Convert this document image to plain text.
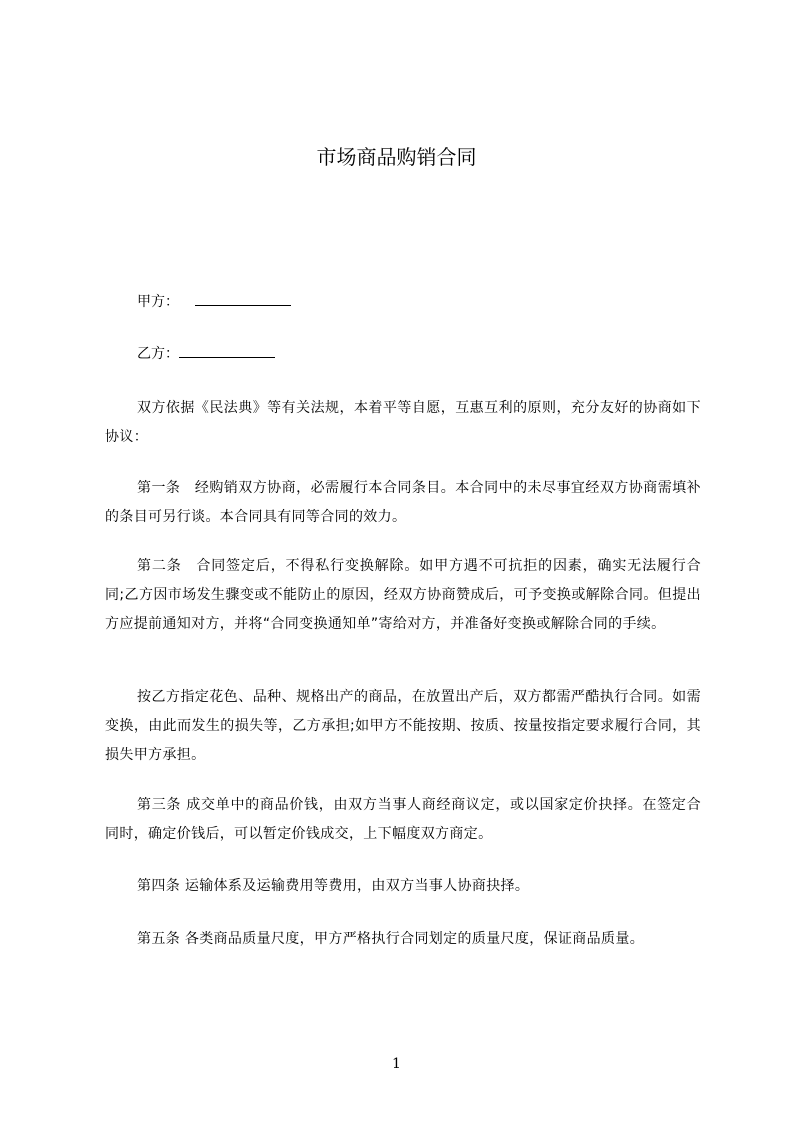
市场商品购销合同
甲方：
乙方：
双方依据《民法典》等有关法规，本着平等自愿，互惠互利的原则，充分友好的协商如下协议：
第一条　经购销双方协商，必需履行本合同条目。本合同中的未尽事宜经双方协商需填补的条目可另行谈。本合同具有同等合同的效力。
第二条　合同签定后，不得私行变换解除。如甲方遇不可抗拒的因素，确实无法履行合同;乙方因市场发生骤变或不能防止的原因，经双方协商赞成后，可予变换或解除合同。但提出方应提前通知对方，并将“合同变换通知单”寄给对方，并准备好变换或解除合同的手续。
按乙方指定花色、品种、规格出产的商品，在放置出产后，双方都需严酷执行合同。如需变换，由此而发生的损失等，乙方承担;如甲方不能按期、按质、按量按指定要求履行合同，其损失甲方承担。
第三条 成交单中的商品价钱，由双方当事人商经商议定，或以国家定价抉择。在签定合同时，确定价钱后，可以暂定价钱成交，上下幅度双方商定。
第四条 运输体系及运输费用等费用，由双方当事人协商抉择。
第五条 各类商品质量尺度，甲方严格执行合同划定的质量尺度，保证商品质量。
1
